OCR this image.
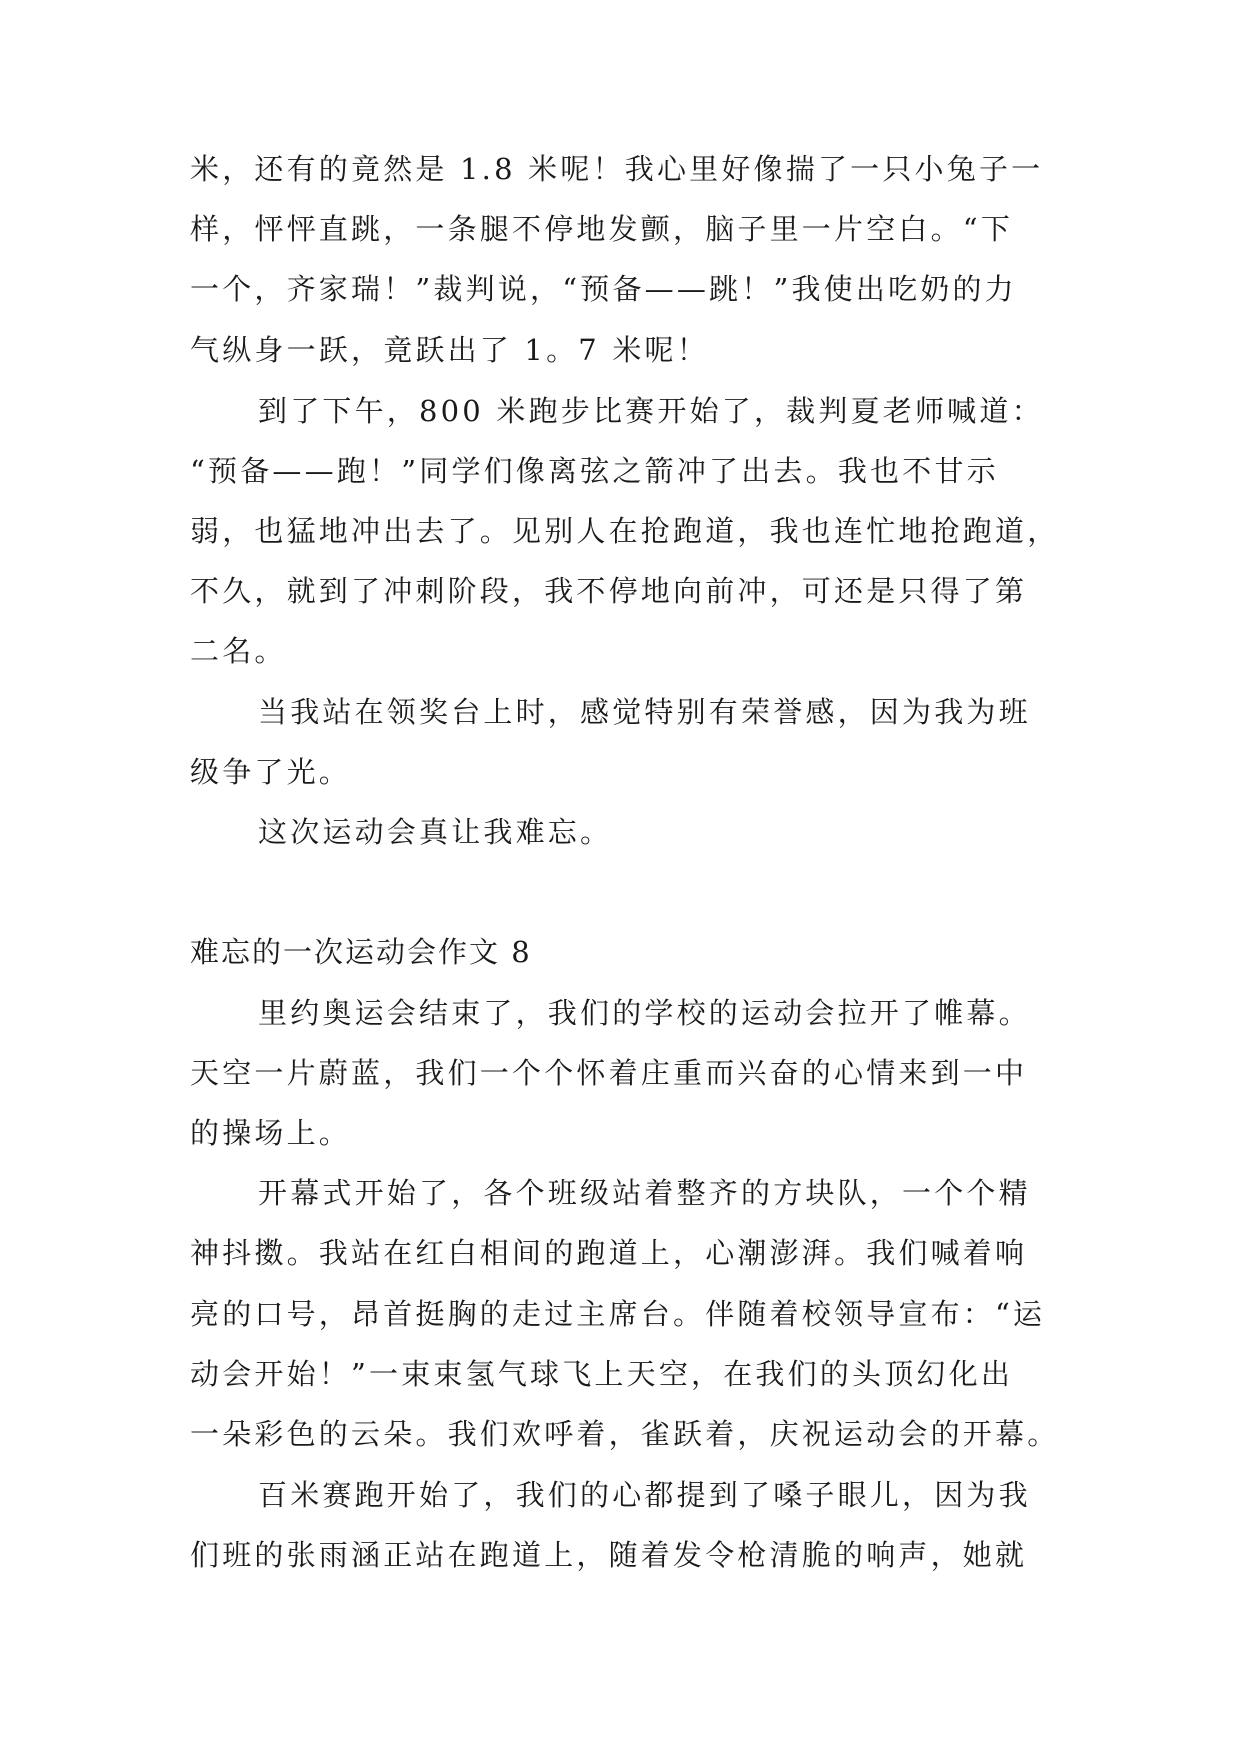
米，还有的竟然是 1.8 米呢！我心里好像揣了一只小兔子一
样，怦怦直跳，一条腿不停地发颤，脑子里一片空白。“下
一个，齐家瑞！”裁判说，“预备——跳！”我使出吃奶的力
气纵身一跃，竟跃出了 1。7 米呢！
到了下午，800 米跑步比赛开始了，裁判夏老师喊道：
“预备——跑！”同学们像离弦之箭冲了出去。我也不甘示
弱，也猛地冲出去了。见别人在抢跑道，我也连忙地抢跑道，
不久，就到了冲刺阶段，我不停地向前冲，可还是只得了第
二名。
当我站在领奖台上时，感觉特别有荣誉感，因为我为班
级争了光。
这次运动会真让我难忘。
难忘的一次运动会作文 8
里约奥运会结束了，我们的学校的运动会拉开了帷幕。
天空一片蔚蓝，我们一个个怀着庄重而兴奋的心情来到一中
的操场上。
开幕式开始了，各个班级站着整齐的方块队，一个个精
神抖擞。我站在红白相间的跑道上，心潮澎湃。我们喊着响
亮的口号，昂首挺胸的走过主席台。伴随着校领导宣布：“运
动会开始！”一束束氢气球飞上天空，在我们的头顶幻化出
一朵彩色的云朵。我们欢呼着，雀跃着，庆祝运动会的开幕。
百米赛跑开始了，我们的心都提到了嗓子眼儿，因为我
们班的张雨涵正站在跑道上，随着发令枪清脆的响声，她就
